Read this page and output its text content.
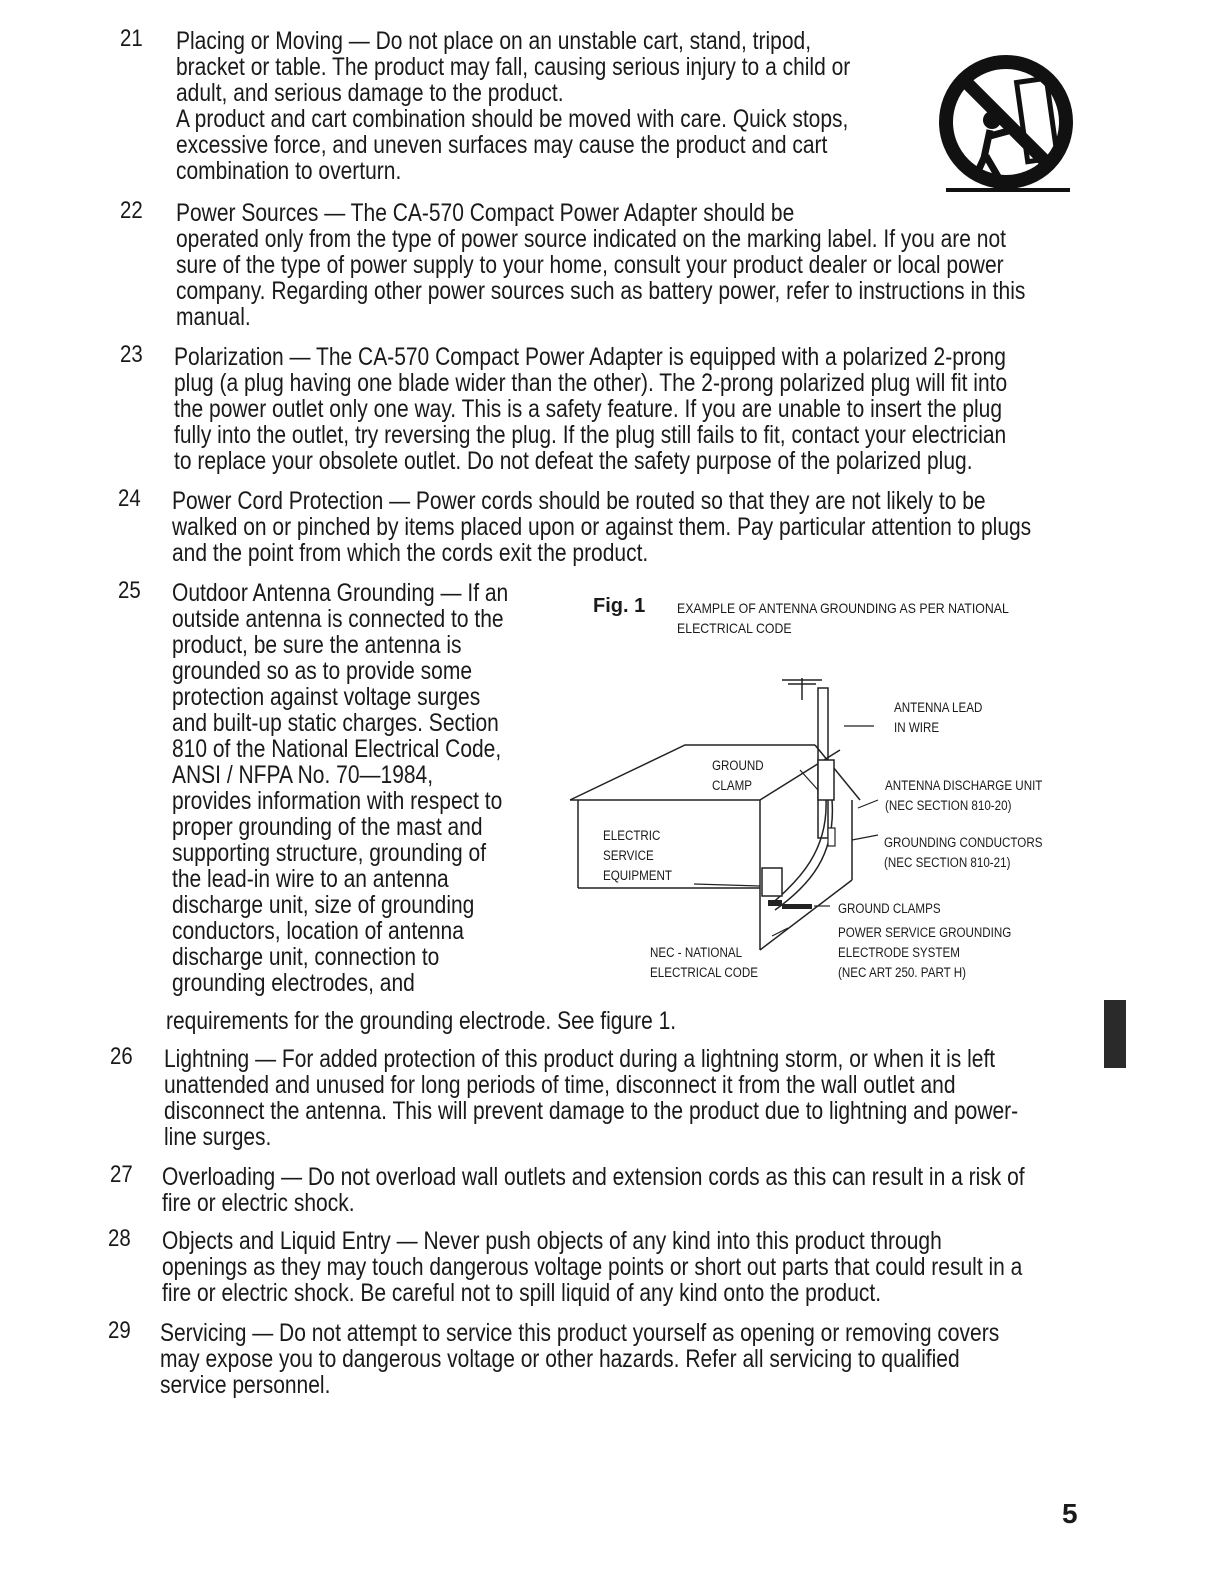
21 Placing or Moving — Do not place on an unstable cart, stand, tripod,
bracket or table. The product may fall, causing serious injury to a child or
adult, and serious damage to the product.
A product and cart combination should be moved with care. Quick stops,
excessive force, and uneven surfaces may cause the product and cart
combination to overturn.
22 Power Sources — The CA-570 Compact Power Adapter should be
operated only from the type of power source indicated on the marking label. If you are not
sure of the type of power supply to your home, consult your product dealer or local power
company. Regarding other power sources such as battery power, refer to instructions in this
manual.
23 Polarization — The CA-570 Compact Power Adapter is equipped with a polarized 2-prong
plug (a plug having one blade wider than the other). The 2-prong polarized plug will fit into
the power outlet only one way. This is a safety feature. If you are unable to insert the plug
fully into the outlet, try reversing the plug. If the plug still fails to fit, contact your electrician
to replace your obsolete outlet. Do not defeat the safety purpose of the polarized plug.
24 Power Cord Protection — Power cords should be routed so that they are not likely to be
walked on or pinched by items placed upon or against them. Pay particular attention to plugs
and the point from which the cords exit the product.
25 Outdoor Antenna Grounding — If an
outside antenna is connected to the
product, be sure the antenna is
grounded so as to provide some
protection against voltage surges
and built-up static charges. Section
810 of the National Electrical Code,
ANSI / NFPA No. 70—1984,
provides information with respect to
proper grounding of the mast and
supporting structure, grounding of
the lead-in wire to an antenna
discharge unit, size of grounding
conductors, location of antenna
discharge unit, connection to
grounding electrodes, and
requirements for the grounding electrode. See figure 1.
Fig. 1 EXAMPLE OF ANTENNA GROUNDING AS PER NATIONAL
ELECTRICAL CODE
ANTENNA LEAD
IN WIRE
GROUND
CLAMP	ANTENNA DISCHARGE UNIT
(NEC SECTION 810-20)
ELECTRIC
SERVICE
EQUIPMENT
GROUNDING CONDUCTORS
(NEC SECTION 810-21)
GROUND CLAMPS
POWER SERVICE GROUNDING
ELECTRODE SYSTEM
(NEC ART 250. PART H)
NEC - NATIONAL
ELECTRICAL CODE
26 Lightning — For added protection of this product during a lightning storm, or when it is left
unattended and unused for long periods of time, disconnect it from the wall outlet and
disconnect the antenna. This will prevent damage to the product due to lightning and power-
line surges.
27 Overloading — Do not overload wall outlets and extension cords as this can result in a risk of
fire or electric shock.
28 Objects and Liquid Entry — Never push objects of any kind into this product through
openings as they may touch dangerous voltage points or short out parts that could result in a
fire or electric shock. Be careful not to spill liquid of any kind onto the product.
29 Servicing — Do not attempt to service this product yourself as opening or removing covers
may expose you to dangerous voltage or other hazards. Refer all servicing to qualified
service personnel.
5
